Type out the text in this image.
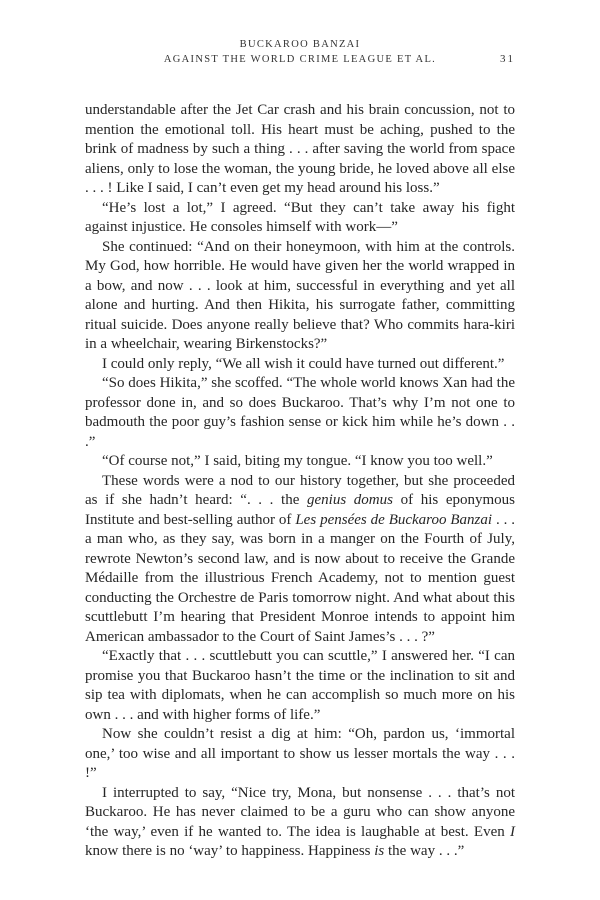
BUCKAROO BANZAI
AGAINST THE WORLD CRIME LEAGUE ET AL.	31

understandable after the Jet Car crash and his brain concussion, not to mention the emotional toll. His heart must be aching, pushed to the brink of madness by such a thing . . . after saving the world from space aliens, only to lose the woman, the young bride, he loved above all else . . . ! Like I said, I can’t even get my head around his loss.”

“He’s lost a lot,” I agreed. “But they can’t take away his fight against injustice. He consoles himself with work—”

She continued: “And on their honeymoon, with him at the controls. My God, how horrible. He would have given her the world wrapped in a bow, and now . . . look at him, successful in everything and yet all alone and hurting. And then Hikita, his surrogate father, committing ritual suicide. Does anyone really believe that? Who commits hara-kiri in a wheelchair, wearing Birkenstocks?”

I could only reply, “We all wish it could have turned out different.”

“So does Hikita,” she scoffed. “The whole world knows Xan had the professor done in, and so does Buckaroo. That’s why I’m not one to badmouth the poor guy’s fashion sense or kick him while he’s down . . .”

“Of course not,” I said, biting my tongue. “I know you too well.”

These words were a nod to our history together, but she proceeded as if she hadn’t heard: “. . . the genius domus of his eponymous Institute and best-selling author of Les pensées de Buckaroo Banzai . . . a man who, as they say, was born in a manger on the Fourth of July, rewrote Newton’s second law, and is now about to receive the Grande Médaille from the illustrious French Academy, not to mention guest conducting the Orchestre de Paris tomorrow night. And what about this scuttlebutt I’m hearing that President Monroe intends to appoint him American ambassador to the Court of Saint James’s . . . ?”

“Exactly that . . . scuttlebutt you can scuttle,” I answered her. “I can promise you that Buckaroo hasn’t the time or the inclination to sit and sip tea with diplomats, when he can accomplish so much more on his own . . . and with higher forms of life.”

Now she couldn’t resist a dig at him: “Oh, pardon us, ‘immortal one,’ too wise and all important to show us lesser mortals the way . . . !”

I interrupted to say, “Nice try, Mona, but nonsense . . . that’s not Buckaroo. He has never claimed to be a guru who can show anyone ‘the way,’ even if he wanted to. The idea is laughable at best. Even I know there is no ‘way’ to happiness. Happiness is the way . . .”
